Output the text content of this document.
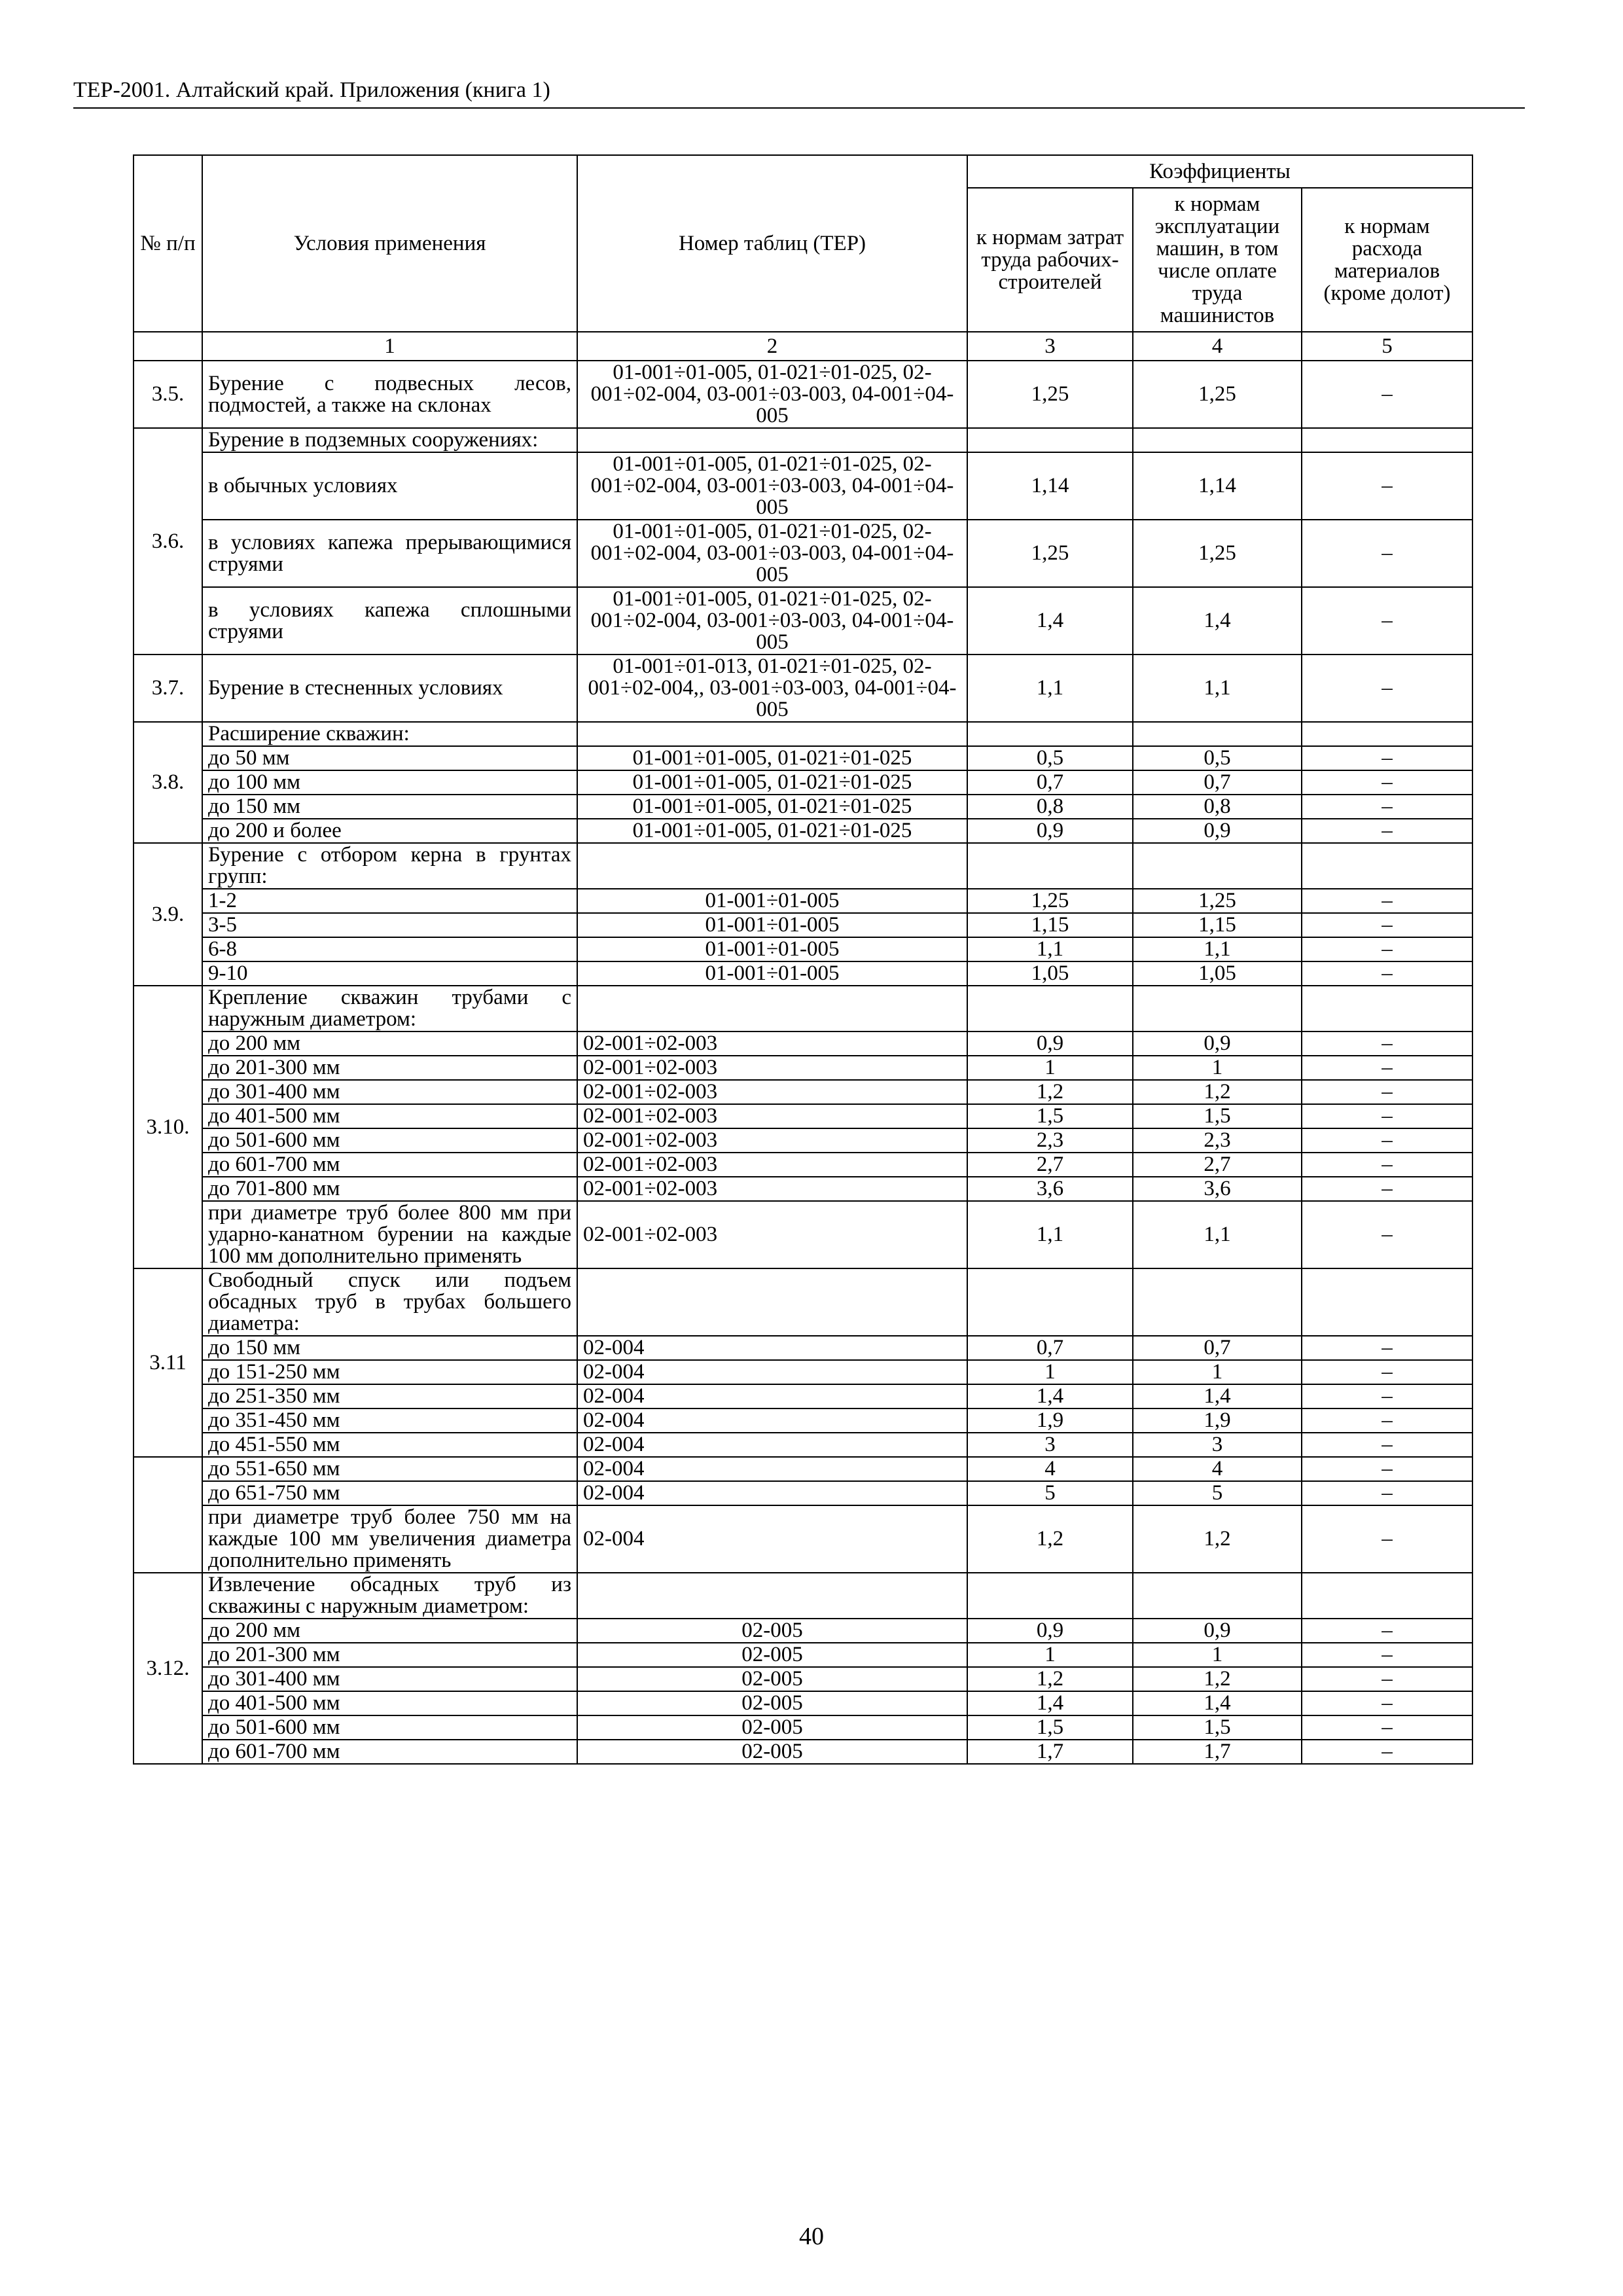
ТЕР-2001. Алтайский край. Приложения (книга 1)
№ п/п	Условия применения	Номер таблиц (ТЕР)	Коэффициенты		
			к нормам затрат труда рабочих-строителей	к нормам эксплуатации машин, в том числе оплате труда машинистов	к нормам расхода материалов (кроме долот)
	1	2	3	4	5
3.5.	Бурение с подвесных лесов, подмостей, а также на склонах	01-001÷01-005, 01-021÷01-025, 02-001÷02-004, 03-001÷03-003, 04-001÷04-005	1,25	1,25	–
3.6.	Бурение в подземных сооружениях:				
	в обычных условиях	01-001÷01-005, 01-021÷01-025, 02-001÷02-004, 03-001÷03-003, 04-001÷04-005	1,14	1,14	–
	в условиях капежа прерывающимися струями	01-001÷01-005, 01-021÷01-025, 02-001÷02-004, 03-001÷03-003, 04-001÷04-005	1,25	1,25	–
	в условиях капежа сплошными струями	01-001÷01-005, 01-021÷01-025, 02-001÷02-004, 03-001÷03-003, 04-001÷04-005	1,4	1,4	–
3.7.	Бурение в стесненных условиях	01-001÷01-013, 01-021÷01-025, 02-001÷02-004,, 03-001÷03-003, 04-001÷04-005	1,1	1,1	–
3.8.	Расширение скважин:				
	до 50 мм	01-001÷01-005, 01-021÷01-025	0,5	0,5	–
	до 100 мм	01-001÷01-005, 01-021÷01-025	0,7	0,7	–
	до 150 мм	01-001÷01-005, 01-021÷01-025	0,8	0,8	–
	до 200 и более	01-001÷01-005, 01-021÷01-025	0,9	0,9	–
3.9.	Бурение с отбором керна в грунтах групп:				
	1-2	01-001÷01-005	1,25	1,25	–
	3-5	01-001÷01-005	1,15	1,15	–
	6-8	01-001÷01-005	1,1	1,1	–
	9-10	01-001÷01-005	1,05	1,05	–
3.10.	Крепление скважин трубами с наружным диаметром:				
	до 200 мм	02-001÷02-003	0,9	0,9	–
	до 201-300 мм	02-001÷02-003	1	1	–
	до 301-400 мм	02-001÷02-003	1,2	1,2	–
	до 401-500 мм	02-001÷02-003	1,5	1,5	–
	до 501-600 мм	02-001÷02-003	2,3	2,3	–
	до 601-700 мм	02-001÷02-003	2,7	2,7	–
	до 701-800 мм	02-001÷02-003	3,6	3,6	–
	при диаметре труб более 800 мм при ударно-канатном бурении на каждые 100 мм дополнительно применять	02-001÷02-003	1,1	1,1	–
3.11	Свободный спуск или подъем обсадных труб в трубах большего диаметра:				
	до 150 мм	02-004	0,7	0,7	–
	до 151-250 мм	02-004	1	1	–
	до 251-350 мм	02-004	1,4	1,4	–
	до 351-450 мм	02-004	1,9	1,9	–
	до 451-550 мм	02-004	3	3	–
	до 551-650 мм	02-004	4	4	–
	до 651-750 мм	02-004	5	5	–
	при диаметре труб более 750 мм на каждые 100 мм увеличения диаметра дополнительно применять	02-004	1,2	1,2	–
3.12.	Извлечение обсадных труб из скважины с наружным диаметром:				
	до 200 мм	02-005	0,9	0,9	–
	до 201-300 мм	02-005	1	1	–
	до 301-400 мм	02-005	1,2	1,2	–
	до 401-500 мм	02-005	1,4	1,4	–
	до 501-600 мм	02-005	1,5	1,5	–
	до 601-700 мм	02-005	1,7	1,7	–
40
